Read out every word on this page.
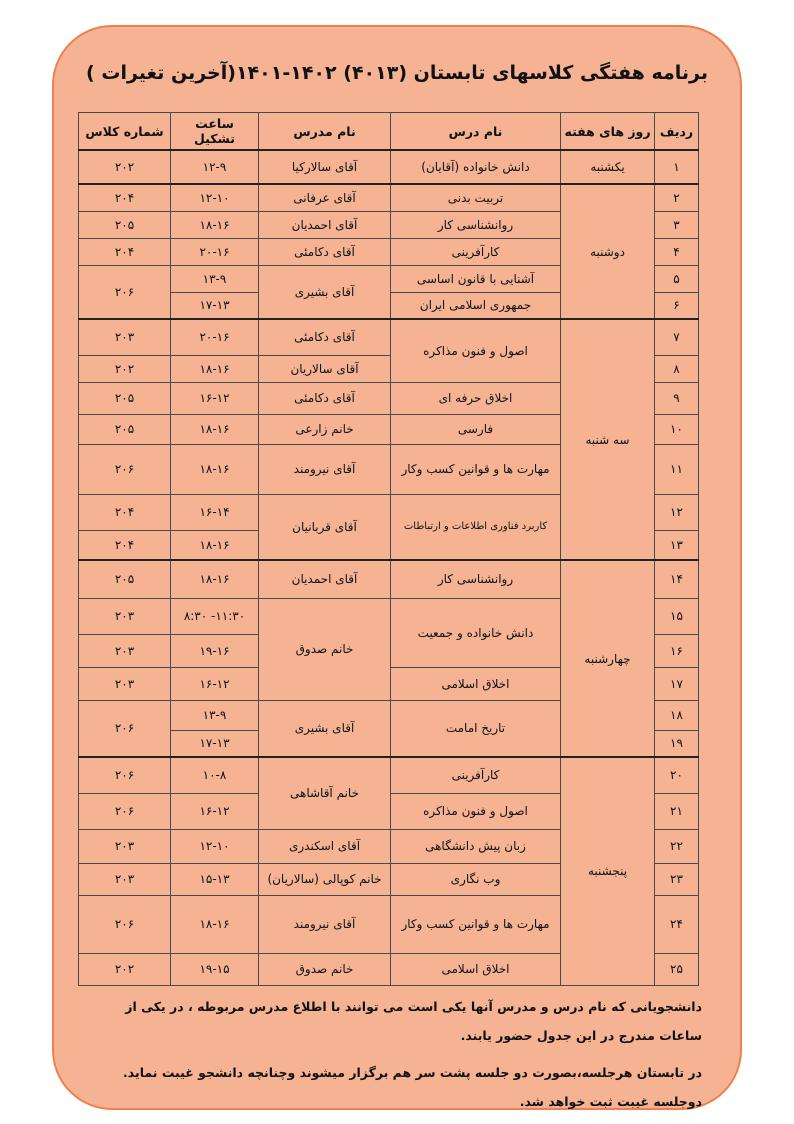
برنامه هفتگی کلاسهای تابستان (۴۰۱۳) ۱۴۰۲-۱۴۰۱(آخرین تغیرات )
ردیف	روز های هفته	نام درس	نام مدرس	ساعت تشکیل	شماره کلاس
۱	یکشنبه	دانش خانواده (آقایان)	آقای سالارکیا	۱۲-۹	۲۰۲
۲	دوشنبه	تربیت بدنی	آقای عرفانی	۱۲-۱۰	۲۰۴
۳		روانشناسی کار	آقای احمدیان	۱۸-۱۶	۲۰۵
۴		کارآفرینی	آقای دکامئی	۲۰-۱۶	۲۰۴
۵		آشنایی با قانون اساسی	آقای بشیری	۱۳-۹	۲۰۶
۶		جمهوری اسلامی ایران		۱۷-۱۳	
۷	سه شنبه	اصول و فنون مذاکره	آقای دکامئی	۲۰-۱۶	۲۰۳
۸			آقای سالاریان	۱۸-۱۶	۲۰۲
۹		اخلاق حرفه ای	آقای دکامئی	۱۶-۱۲	۲۰۵
۱۰		فارسی	خانم زارعی	۱۸-۱۶	۲۰۵
۱۱		مهارت ها و قوانین کسب وکار	آقای نیرومند	۱۸-۱۶	۲۰۶
۱۲		کاربرد فناوری اطلاعات و ارتباطات	آقای قربانیان	۱۶-۱۴	۲۰۴
۱۳				۱۸-۱۶	۲۰۴
۱۴	چهارشنبه	روانشناسی کار	آقای احمدیان	۱۸-۱۶	۲۰۵
۱۵		دانش خانواده و جمعیت	خانم صدوق	۱۱:۳۰- ۸:۳۰	۲۰۳
۱۶				۱۹-۱۶	۲۰۳
۱۷		اخلاق اسلامی		۱۶-۱۲	۲۰۳
۱۸		تاریخ امامت	آقای بشیری	۱۳-۹	۲۰۶
۱۹				۱۷-۱۳	
۲۰	پنجشنبه	کارآفرینی	خانم آقاشاهی	۱۰-۸	۲۰۶
۲۱		اصول و فنون مذاکره		۱۶-۱۲	۲۰۶
۲۲		زبان پیش دانشگاهی	آقای اسکندری	۱۲-۱۰	۲۰۳
۲۳		وب نگاری	خانم کوپالی (سالاریان)	۱۵-۱۳	۲۰۳
۲۴		مهارت ها و قوانین کسب وکار	آقای نیرومند	۱۸-۱۶	۲۰۶
۲۵		اخلاق اسلامی	خانم صدوق	۱۹-۱۵	۲۰۲

دانشجویانی که نام درس و مدرس آنها یکی است می توانند با اطلاع مدرس مربوطه ، در یکی از ساعات مندرج در این جدول حضور یابند.

در تابستان هرجلسه،بصورت دو جلسه پشت سر هم برگزار میشوند وچنانچه دانشجو غیبت نماید. دوجلسه غیبت ثبت خواهد شد.
